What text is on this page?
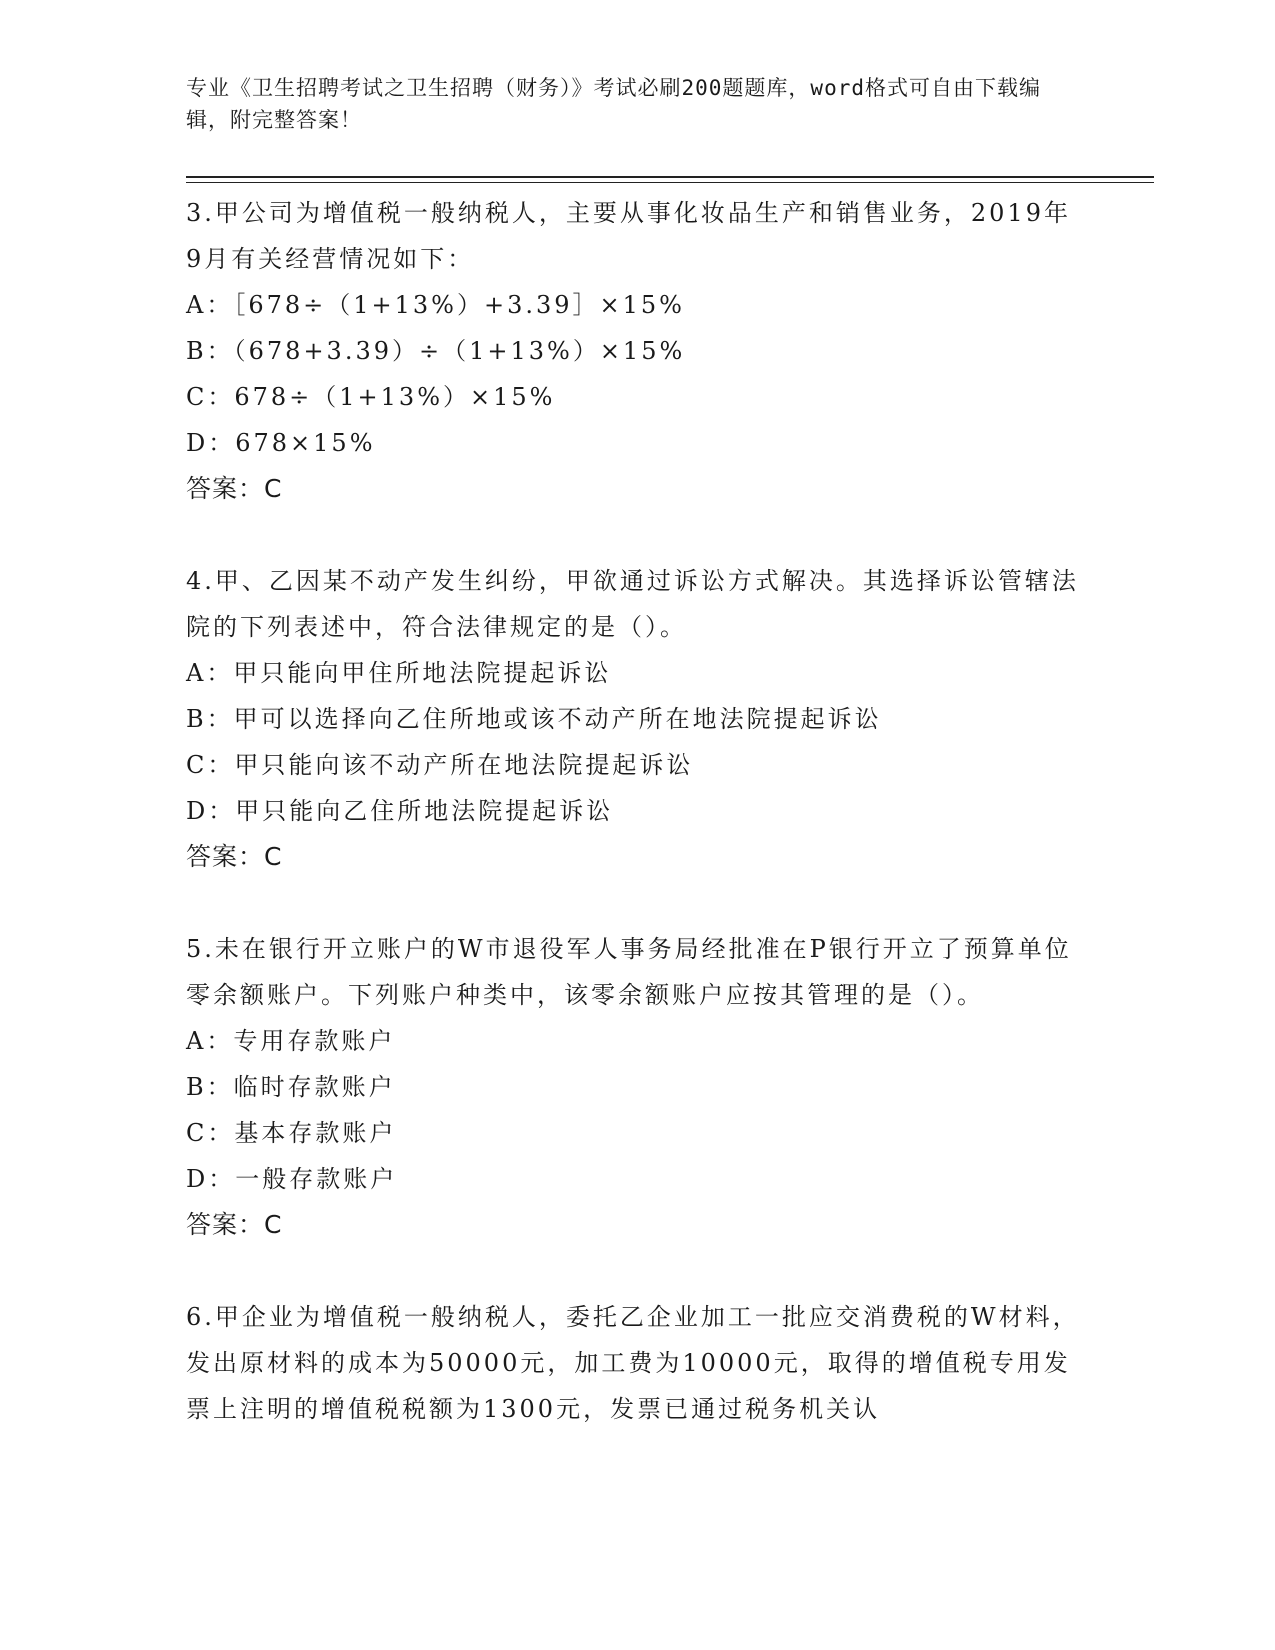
专业《卫生招聘考试之卫生招聘（财务）》考试必刷200题题库，word格式可自由下载编辑，附完整答案！

3.甲公司为增值税一般纳税人，主要从事化妆品生产和销售业务，2019年9月有关经营情况如下：

A：［678÷（1+13%）+3.39］×15%

B：（678+3.39）÷（1+13%）×15%

C：678÷（1+13%）×15%

D：678×15%

答案：C

4.甲、乙因某不动产发生纠纷，甲欲通过诉讼方式解决。其选择诉讼管辖法院的下列表述中，符合法律规定的是（）。

A：甲只能向甲住所地法院提起诉讼

B：甲可以选择向乙住所地或该不动产所在地法院提起诉讼

C：甲只能向该不动产所在地法院提起诉讼

D：甲只能向乙住所地法院提起诉讼

答案：C

5.未在银行开立账户的W市退役军人事务局经批准在P银行开立了预算单位零余额账户。下列账户种类中，该零余额账户应按其管理的是（）。

A：专用存款账户

B：临时存款账户

C：基本存款账户

D：一般存款账户

答案：C

6.甲企业为增值税一般纳税人，委托乙企业加工一批应交消费税的W材料，发出原材料的成本为50000元，加工费为10000元，取得的增值税专用发票上注明的增值税税额为1300元，发票已通过税务机关认
